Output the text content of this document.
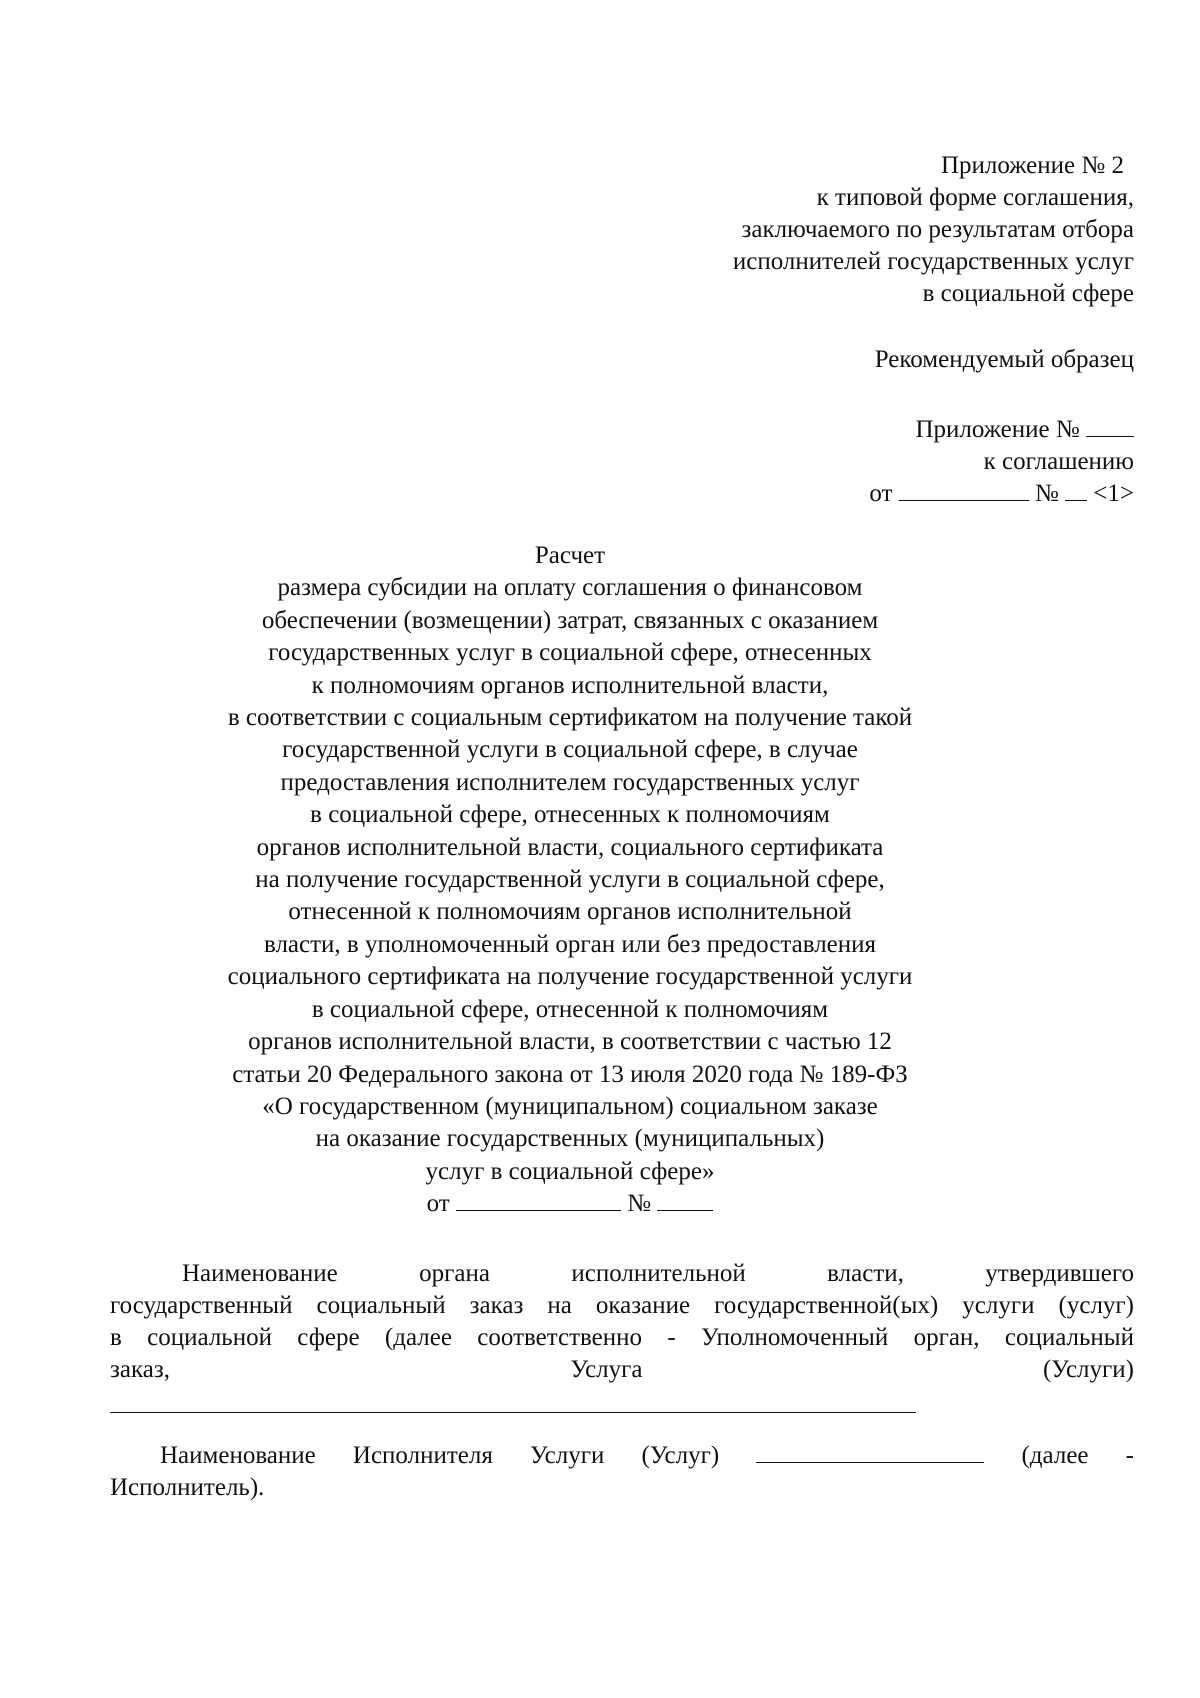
Приложение № 2
к типовой форме соглашения,
заключаемого по результатам отбора
исполнителей государственных услуг
в социальной сфере
Рекомендуемый образец
Приложение №
к соглашению
от	№ <1>
Расчет
размера субсидии на оплату соглашения о финансовом
обеспечении (возмещении) затрат, связанных с оказанием
государственных услуг в социальной сфере, отнесенных
к полномочиям органов исполнительной власти,
в соответствии с социальным сертификатом на получение такой
государственной услуги в социальной сфере, в случае
предоставления исполнителем государственных услуг
в социальной сфере, отнесенных к полномочиям
органов исполнительной власти, социального сертификата
на получение государственной услуги в социальной сфере,
отнесенной к полномочиям органов исполнительной
власти, в уполномоченный орган или без предоставления
социального сертификата на получение государственной услуги
в социальной сфере, отнесенной к полномочиям
органов исполнительной власти, в соответствии с частью 12
статьи 20 Федерального закона от 13 июля 2020 года № 189-ФЗ
«О государственном (муниципальном) социальном заказе
на оказание государственных (муниципальных)
услуг в социальной сфере»
от	№
Наименование	органа	исполнительной	власти,	утвердившего
государственный социальный заказ на оказание государственной(ых) услуги (услуг)
в социальной сфере (далее соответственно - Уполномоченный орган, социальный
заказ,	Услуга	(Услуги)
Наименование Исполнителя Услуги (Услуг)	(далее -
Исполнитель).
